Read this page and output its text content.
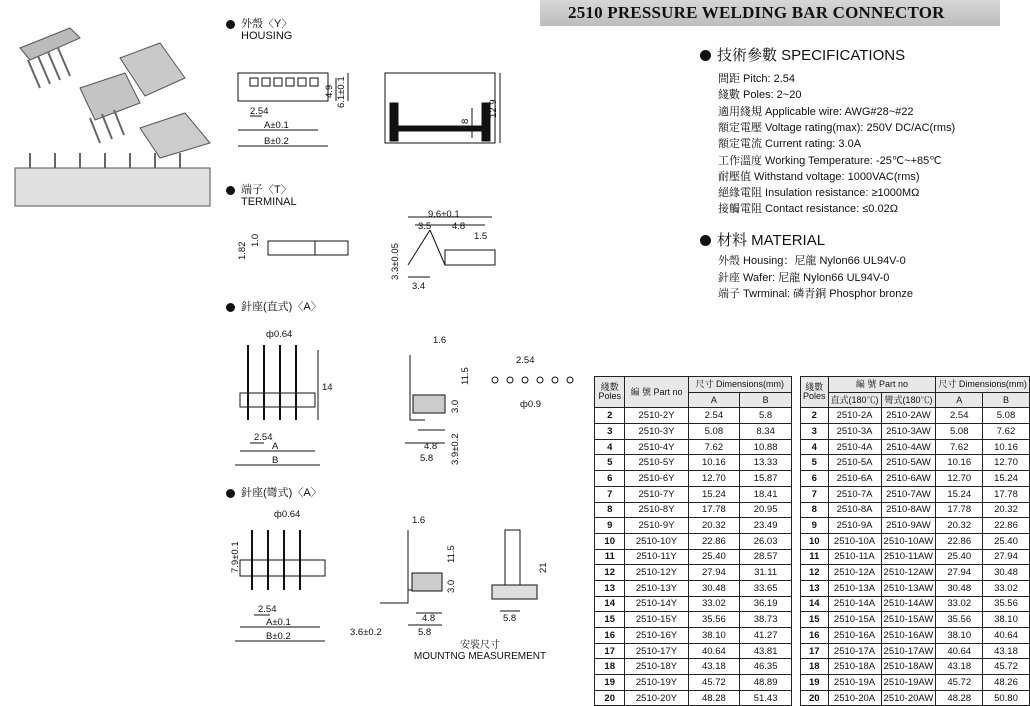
2510 PRESSURE WELDING BAR CONNECTOR
外殼〈Y〉
HOUSING
端子〈T〉
TERMINAL
針座(直式)〈A〉
針座(彎式)〈A〉
2.54
A±0.1
B±0.2
4.9 6.1±0.1
8
12.9
1.82
1.0
9.6±0.1
3.5 4.8
1.5
3.4
3.3±0.05
ф0.64
14
2.54
A
B
1.6
11.5
3.0
4.8
5.8 3.9±0.2
2.54
ф0.9
ф0.64
7.9±0.1
2.54
A±0.1
B±0.2
1.6
11.5
3.0
4.8
5.8
3.6±0.2
21
5.8
安裝尺寸
MOUNTNG MEASUREMENT
技術參數 SPECIFICATIONS
間距 Pitch: 2.54
綫數 Poles: 2~20
適用綫規 Applicable wire: AWG#28~#22
額定電壓 Voltage rating(max): 250V DC/AC(rms)
額定電流 Current rating: 3.0A
工作溫度 Working Temperature: -25℃~+85℃
耐壓值 Withstand voltage: 1000VAC(rms)
絕緣電阻 Insulation resistance: ≥1000MΩ
接觸電阻 Contact resistance: ≤0.02Ω
材料 MATERIAL
外殼 Housing：尼龍 Nylon66 UL94V-0
針座 Wafer: 尼龍 Nylon66 UL94V-0
端子 Twrminal: 磷青銅 Phosphor bronze
綫數
Poles	編 號 Part no	尺寸 Dimensions(mm)	
		A	B
2	2510-2Y	2.54	5.8
3	2510-3Y	5.08	8.34
4	2510-4Y	7.62	10.88
5	2510-5Y	10.16	13.33
6	2510-6Y	12.70	15.87
7	2510-7Y	15.24	18.41
8	2510-8Y	17.78	20.95
9	2510-9Y	20.32	23.49
10	2510-10Y	22.86	26.03
11	2510-11Y	25.40	28.57
12	2510-12Y	27.94	31.11
13	2510-13Y	30.48	33.65
14	2510-14Y	33.02	36.19
15	2510-15Y	35.56	38.73
16	2510-16Y	38.10	41.27
17	2510-17Y	40.64	43.81
18	2510-18Y	43.18	46.35
19	2510-19Y	45.72	48.89
20	2510-20Y	48.28	51.43
綫數
Poles	編 號 Part no		尺寸 Dimensions(mm)	
	直式(180℃)	彎式(180℃)	A	B
2	2510-2A	2510-2AW	2.54	5.08
3	2510-3A	2510-3AW	5.08	7.62
4	2510-4A	2510-4AW	7.62	10.16
5	2510-5A	2510-5AW	10.16	12.70
6	2510-6A	2510-6AW	12.70	15.24
7	2510-7A	2510-7AW	15.24	17.78
8	2510-8A	2510-8AW	17.78	20.32
9	2510-9A	2510-9AW	20.32	22.86
10	2510-10A	2510-10AW	22.86	25.40
11	2510-11A	2510-11AW	25.40	27.94
12	2510-12A	2510-12AW	27.94	30.48
13	2510-13A	2510-13AW	30.48	33.02
14	2510-14A	2510-14AW	33.02	35.56
15	2510-15A	2510-15AW	35.56	38.10
16	2510-16A	2510-16AW	38.10	40.64
17	2510-17A	2510-17AW	40.64	43.18
18	2510-18A	2510-18AW	43.18	45.72
19	2510-19A	2510-19AW	45.72	48.26
20	2510-20A	2510-20AW	48.28	50.80
